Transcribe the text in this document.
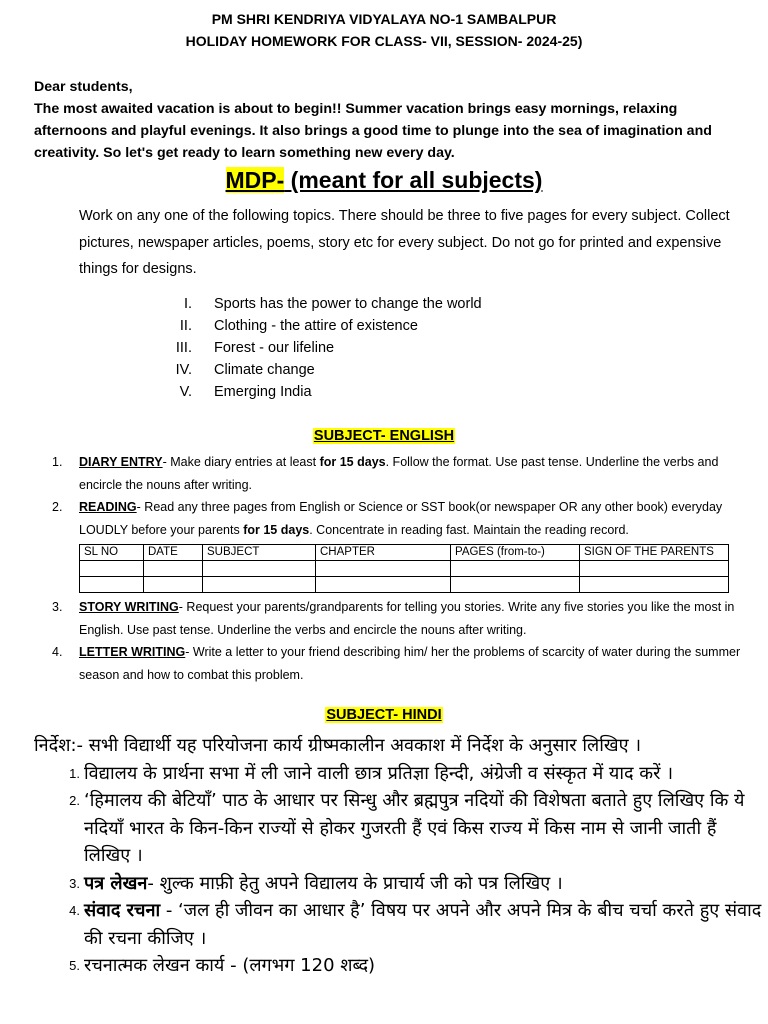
PM SHRI KENDRIYA VIDYALAYA NO-1 SAMBALPUR
HOLIDAY HOMEWORK FOR CLASS- VII, SESSION- 2024-25)
Dear students,
The most awaited vacation is about to begin!! Summer vacation brings easy mornings, relaxing afternoons and playful evenings. It also brings a good time to plunge into the sea of imagination and creativity. So let's get ready to learn something new every day.
MDP- (meant for all subjects)
Work on any one of the following topics. There should be three to five pages for every subject. Collect pictures, newspaper articles, poems, story etc for every subject. Do not go for printed and expensive things for designs.
I.	Sports has the power to change the world
II.	Clothing - the attire of existence
III.	Forest - our lifeline
IV.	Climate change
V.	Emerging India
SUBJECT- ENGLISH
1.	DIARY ENTRY- Make diary entries at least for 15 days. Follow the format. Use past tense. Underline the verbs and encircle the nouns after writing.
2.	READING- Read any three pages from English or Science or SST book(or newspaper OR any other book) everyday LOUDLY before your parents for 15 days. Concentrate in reading fast. Maintain the reading record.
SL NO	DATE	SUBJECT	CHAPTER	PAGES (from-to-)	SIGN OF THE PARENTS

3.	STORY WRITING- Request your parents/grandparents for telling you stories. Write any five stories you like the most in English. Use past tense. Underline the verbs and encircle the nouns after writing.
4.	LETTER WRITING- Write a letter to your friend describing him/ her the problems of scarcity of water during the summer season and how to combat this problem.
SUBJECT- HINDI
निर्देश:- सभी विद्यार्थी यह परियोजना कार्य ग्रीष्मकालीन अवकाश में निर्देश के अनुसार लिखिए ।
1. विद्यालय के प्रार्थना सभा में ली जाने वाली छात्र प्रतिज्ञा हिन्दी, अंग्रेजी व संस्कृत में याद करें ।
2. ‘हिमालय की बेटियाँ’ पाठ के आधार पर सिन्धु और ब्रह्मपुत्र नदियों की विशेषता बताते हुए लिखिए कि ये नदियाँ भारत के किन-किन राज्यों से होकर गुजरती हैं एवं किस राज्य में किस नाम से जानी जाती हैं लिखिए ।
3. पत्र लेखन- शुल्क माफ़ी हेतु अपने विद्यालय के प्राचार्य जी को पत्र लिखिए ।
4. संवाद रचना - ‘जल ही जीवन का आधार है’ विषय पर अपने और अपने मित्र के बीच चर्चा करते हुए संवाद की रचना कीजिए ।
5. रचनात्मक लेखन कार्य - (लगभग 120 शब्द)
